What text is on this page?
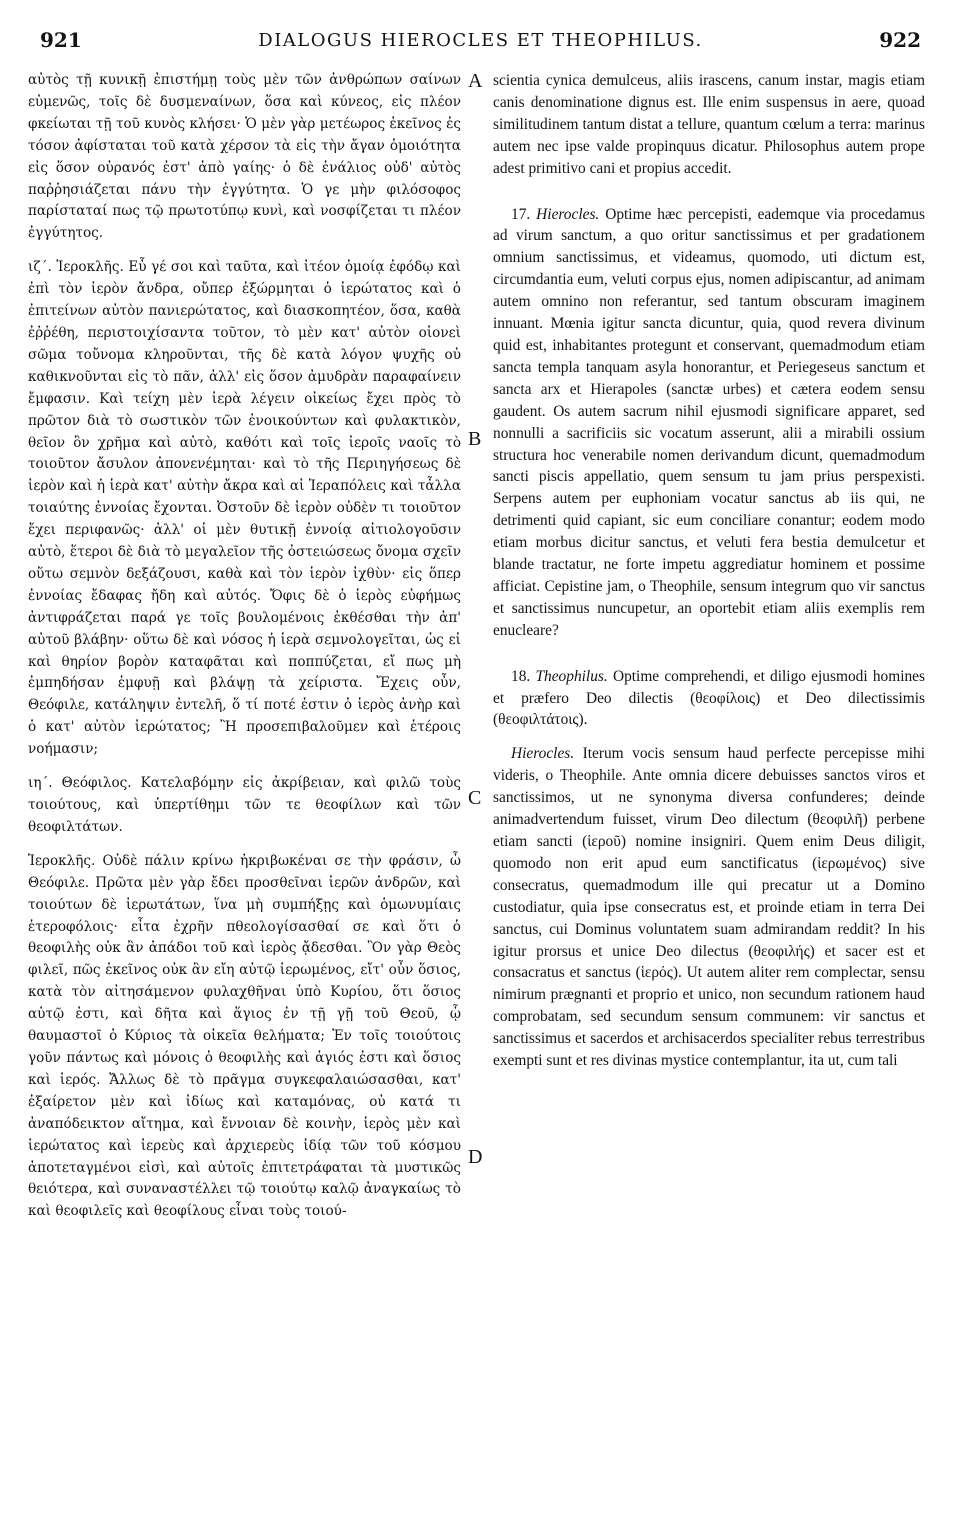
921	DIALOGUS HIEROCLES ET THEOPHILUS.	922

αὐτὸς τῇ κυνικῇ ἐπιστήμῃ τοὺς μὲν τῶν ἀνθρώπων σαίνων εὐμενῶς, τοῖς δὲ δυσμεναίνων, ὅσα καὶ κύνεος, εἰς πλέον φκείωται τῇ τοῦ κυνὸς κλήσει· Ὁ μὲν γὰρ μετέωρος ἐκεῖνος ἐς τόσον ἀφίσταται τοῦ κατὰ χέρσον τὰ εἰς τὴν ἄγαν ὁμοιότητα εἰς ὅσον οὐρανός ἐστ' ἀπὸ γαίης· ὁ δὲ ἐνάλιος οὐδ' αὐτὸς παῤῥησιάζεται πάνυ τὴν ἐγγύτητα. Ὁ γε μὴν φιλόσοφος παρίσταταί πως τῷ πρωτοτύπῳ κυνὶ, καὶ νοσφίζεται τι πλέον ἐγγύτητος.

ιζ΄. Ἱεροκλῆς. Εὖ γέ σοι καὶ ταῦτα, καὶ ἰτέον ὁμοίᾳ ἐφόδῳ καὶ ἐπὶ τὸν ἱερὸν ἄνδρα, οὔπερ ἐξώρμηται ὁ ἱερώτατος καὶ ὁ ἐπιτείνων αὐτὸν πανιερώτατος, καὶ διασκοπητέον, ὅσα, καθὰ ἐῤῥέθη, περιστοιχίσαντα τοῦτον, τὸ μὲν κατ' αὐτὸν οἱονεὶ σῶμα τοὔνομα κληροῦνται, τῆς δὲ κατὰ λόγον ψυχῆς οὐ καθικνοῦνται εἰς τὸ πᾶν, ἀλλ' εἰς ὅσον ἀμυδρὰν παραφαίνειν ἔμφασιν. Καὶ τείχη μὲν ἱερὰ λέγειν οἰκείως ἔχει πρὸς τὸ πρῶτον διὰ τὸ σωστικὸν τῶν ἐνοικούντων καὶ φυλακτικὸν, θεῖον ὂν χρῆμα καὶ αὐτὸ, καθότι καὶ τοῖς ἱεροῖς ναοῖς τὸ τοιοῦτον ἄσυλον ἀπονενέμηται· καὶ τὸ τῆς Περιηγήσεως δὲ ἱερὸν καὶ ἡ ἱερὰ κατ' αὐτὴν ἄκρα καὶ αἱ Ἱεραπόλεις καὶ τἆλλα τοιαύτης ἐννοίας ἔχονται. Ὀστοῦν δὲ ἱερὸν οὐδὲν τι τοιοῦτον ἔχει περιφανῶς· ἀλλ' οἱ μὲν θυτικῇ ἐννοίᾳ αἰτιολογοῦσιν αὐτὸ, ἕτεροι δὲ διὰ τὸ μεγαλεῖον τῆς ὀστειώσεως ὄνομα σχεῖν οὕτω σεμνὸν δεξάζουσι, καθὰ καὶ τὸν ἱερὸν ἰχθὺν· εἰς ὅπερ ἐννοίας ἔδαφας ἤδη καὶ αὐτός. Ὄφις δὲ ὁ ἱερὸς εὐφήμως ἀντιφράζεται παρά γε τοῖς βουλομένοις ἐκθέσθαι τὴν ἀπ' αὐτοῦ βλάβην· οὕτω δὲ καὶ νόσος ἡ ἱερὰ σεμνολογεῖται, ὡς εἰ καὶ θηρίον βορὸν καταφᾶται καὶ ποππύζεται, εἴ πως μὴ ἐμπηδήσαν ἐμφυῇ καὶ βλάψῃ τὰ χείριστα. Ἔχεις οὖν, Θεόφιλε, κατάληψιν ἐντελῆ, ὅ τί ποτέ ἐστιν ὁ ἱερὸς ἀνὴρ καὶ ὁ κατ' αὐτὸν ἱερώτατος; Ἢ προσεπιβαλοῦμεν καὶ ἑτέροις νοήμασιν;

ιη΄. Θεόφιλος. Κατελαβόμην εἰς ἀκρίβειαν, καὶ φιλῶ τοὺς τοιούτους, καὶ ὑπερτίθημι τῶν τε θεοφίλων καὶ τῶν θεοφιλτάτων.

Ἱεροκλῆς. Οὐδὲ πάλιν κρίνω ἠκριβωκέναι σε τὴν φράσιν, ὦ Θεόφιλε. Πρῶτα μὲν γὰρ ἔδει προσθεῖναι ἱερῶν ἀνδρῶν, καὶ τοιούτων δὲ ἱερωτάτων, ἵνα μὴ συμπήξῃς καὶ ὁμωνυμίαις ἑτεροφόλοις· εἶτα ἐχρῆν πθεολογίσασθαί σε καὶ ὅτι ὁ θεοφιλὴς οὐκ ἂν ἀπάδοι τοῦ καὶ ἱερὸς ᾄδεσθαι. Ὃν γὰρ Θεὸς φιλεῖ, πῶς ἐκεῖνος οὐκ ἂν εἴη αὐτῷ ἱερωμένος, εἴτ' οὖν ὅσιος, κατὰ τὸν αἰτησάμενον φυλαχθῆναι ὑπὸ Κυρίου, ὅτι ὅσιος αὐτῷ ἐστι, καὶ δῆτα καὶ ἅγιος ἐν τῇ γῇ τοῦ Θεοῦ, ᾧ θαυμαστοῖ ὁ Κύριος τὰ οἰκεῖα θελήματα; Ἐν τοῖς τοιούτοις γοῦν πάντως καὶ μόνοις ὁ θεοφιλὴς καὶ ἁγιός ἐστι καὶ ὅσιος καὶ ἱερός. Ἄλλως δὲ τὸ πρᾶγμα συγκεφαλαιώσασθαι, κατ' ἐξαίρετον μὲν καὶ ἰδίως καὶ καταμόνας, οὐ κατά τι ἀναπόδεικτον αἴτημα, καὶ ἔννοιαν δὲ κοινὴν, ἱερὸς μὲν καὶ ἱερώτατος καὶ ἱερεὺς καὶ ἀρχιερεὺς ἰδίᾳ τῶν τοῦ κόσμου ἀποτεταγμένοι εἰσὶ, καὶ αὐτοῖς ἐπιτετράφαται τὰ μυστικῶς θειότερα, καὶ συναναστέλλει τῷ τοιούτῳ καλῷ ἀναγκαίως τὸ καὶ θεοφιλεῖς καὶ θεοφίλους εἶναι τοὺς τοιού-

A
B
C
D

scientia cynica demulceus, aliis irascens, canum instar, magis etiam canis denominatione dignus est. Ille enim suspensus in aere, quoad similitudinem tantum distat a tellure, quantum cœlum a terra: marinus autem nec ipse valde propinquus dicatur. Philosophus autem prope adest primitivo cani et propius accedit.

17. Hierocles. Optime hæc percepisti, eademque via procedamus ad virum sanctum, a quo oritur sanctissimus et per gradationem omnium sanctissimus, et videamus, quomodo, uti dictum est, circumdantia eum, veluti corpus ejus, nomen adipiscantur, ad animam autem omnino non referantur, sed tantum obscuram imaginem innuant. Mœnia igitur sancta dicuntur, quia, quod revera divinum quid est, inhabitantes protegunt et conservant, quemadmodum etiam sancta templa tanquam asyla honorantur, et Periegeseus sanctum et sancta arx et Hierapoles (sanctæ urbes) et cætera eodem sensu gaudent. Os autem sacrum nihil ejusmodi significare apparet, sed nonnulli a sacrificiis sic vocatum asserunt, alii a mirabili ossium structura hoc venerabile nomen derivandum dicunt, quemadmodum sancti piscis appellatio, quem sensum tu jam prius perspexisti. Serpens autem per euphoniam vocatur sanctus ab iis qui, ne detrimenti quid capiant, sic eum conciliare conantur; eodem modo etiam morbus dicitur sanctus, et veluti fera bestia demulcetur et blande tractatur, ne forte impetu aggrediatur hominem et possime afficiat. Cepistine jam, o Theophile, sensum integrum quo vir sanctus et sanctissimus nuncupetur, an oportebit etiam aliis exemplis rem enucleare?

18. Theophilus. Optime comprehendi, et diligo ejusmodi homines et præfero Deo dilectis (θεοφίλοις) et Deo dilectissimis (θεοφιλτάτοις).

Hierocles. Iterum vocis sensum haud perfecte percepisse mihi videris, o Theophile. Ante omnia dicere debuisses sanctos viros et sanctissimos, ut ne synonyma diversa confunderes; deinde animadvertendum fuisset, virum Deo dilectum (θεοφιλῆ) perbene etiam sancti (ἱεροῦ) nomine insigniri. Quem enim Deus diligit, quomodo non erit apud eum sanctificatus (ἱερωμένος) sive consecratus, quemadmodum ille qui precatur ut a Domino custodiatur, quia ipse consecratus est, et proinde etiam in terra Dei sanctus, cui Dominus voluntatem suam admirandam reddit? In his igitur prorsus et unice Deo dilectus (θεοφιλής) et sacer est et consacratus et sanctus (ἱερός). Ut autem aliter rem complectar, sensu nimirum prægnanti et proprio et unico, non secundum rationem haud comprobatam, sed secundum sensum communem: vir sanctus et sanctissimus et sacerdos et archisacerdos specialiter rebus terrestribus exempti sunt et res divinas mystice contemplantur, ita ut, cum tali
